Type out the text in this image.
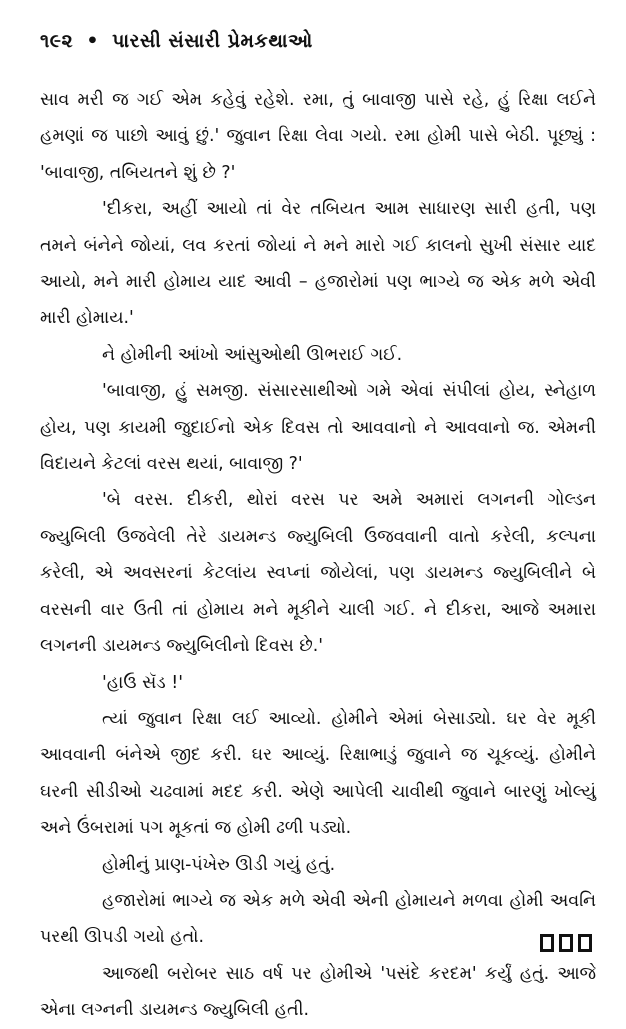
૧૯૨ • પારસી સંસારી પ્રેમકથાઓ

સાવ મરી જ ગઈ એમ કહેવું રહેશે. રમા, તું બાવાજી પાસે રહે, હું રિક્ષા લઈને હમણાં જ પાછો આવું છું.' જુવાન રિક્ષા લેવા ગયો. રમા હોમી પાસે બેઠી. પૂછ્યું : 'બાવાજી, તબિયતને શું છે ?'

'દીકરા, અહીં આયો તાં વેર તબિયત આમ સાધારણ સારી હતી, પણ તમને બંનેને જોયાં, લવ કરતાં જોયાં ને મને મારો ગઈ કાલનો સુખી સંસાર યાદ આયો, મને મારી હોમાય યાદ આવી – હજારોમાં પણ ભાગ્યે જ એક મળે એવી મારી હોમાય.'

ને હોમીની આંખો આંસુઓથી ઊભરાઈ ગઈ.

'બાવાજી, હું સમજી. સંસારસાથીઓ ગમે એવાં સંપીલાં હોય, સ્નેહાળ હોય, પણ કાયમી જુદાઈનો એક દિવસ તો આવવાનો ને આવવાનો જ. એમની વિદાયને કેટલાં વરસ થયાં, બાવાજી ?'

'બે વરસ. દીકરી, થોરાં વરસ પર અમે અમારાં લગનની ગોલ્ડન જ્યુબિલી ઉજવેલી તેરે ડાયમન્ડ જ્યુબિલી ઉજવવાની વાતો કરેલી, કલ્પના કરેલી, એ અવસરનાં કેટલાંય સ્વપ્નાં જોયેલાં, પણ ડાયમન્ડ જ્યુબિલીને બે વરસની વાર ઉતી તાં હોમાય મને મૂકીને ચાલી ગઈ. ને દીકરા, આજે અમારા લગનની ડાયમન્ડ જ્યુબિલીનો દિવસ છે.'

'હાઉ સૅડ !'

ત્યાં જુવાન રિક્ષા લઈ આવ્યો. હોમીને એમાં બેસાડ્યો. ઘર વેર મૂકી આવવાની બંનેએ જીદ કરી. ઘર આવ્યું. રિક્ષાભાડું જુવાને જ ચૂકવ્યું. હોમીને ઘરની સીડીઓ ચઢવામાં મદદ કરી. એણે આપેલી ચાવીથી જુવાને બારણું ખોલ્યું અને ઉંબરામાં પગ મૂકતાં જ હોમી ઢળી પડ્યો.

હોમીનું પ્રાણ-પંખેરુ ઊડી ગયું હતું.

હજારોમાં ભાગ્યે જ એક મળે એવી એની હોમાયને મળવા હોમી અવનિ પરથી ઊપડી ગયો હતો.

આજથી બરોબર સાઠ વર્ષ પર હોમીએ 'પસંદે કરદમ' કર્યું હતું. આજે એના લગ્નની ડાયમન્ડ જ્યુબિલી હતી.
